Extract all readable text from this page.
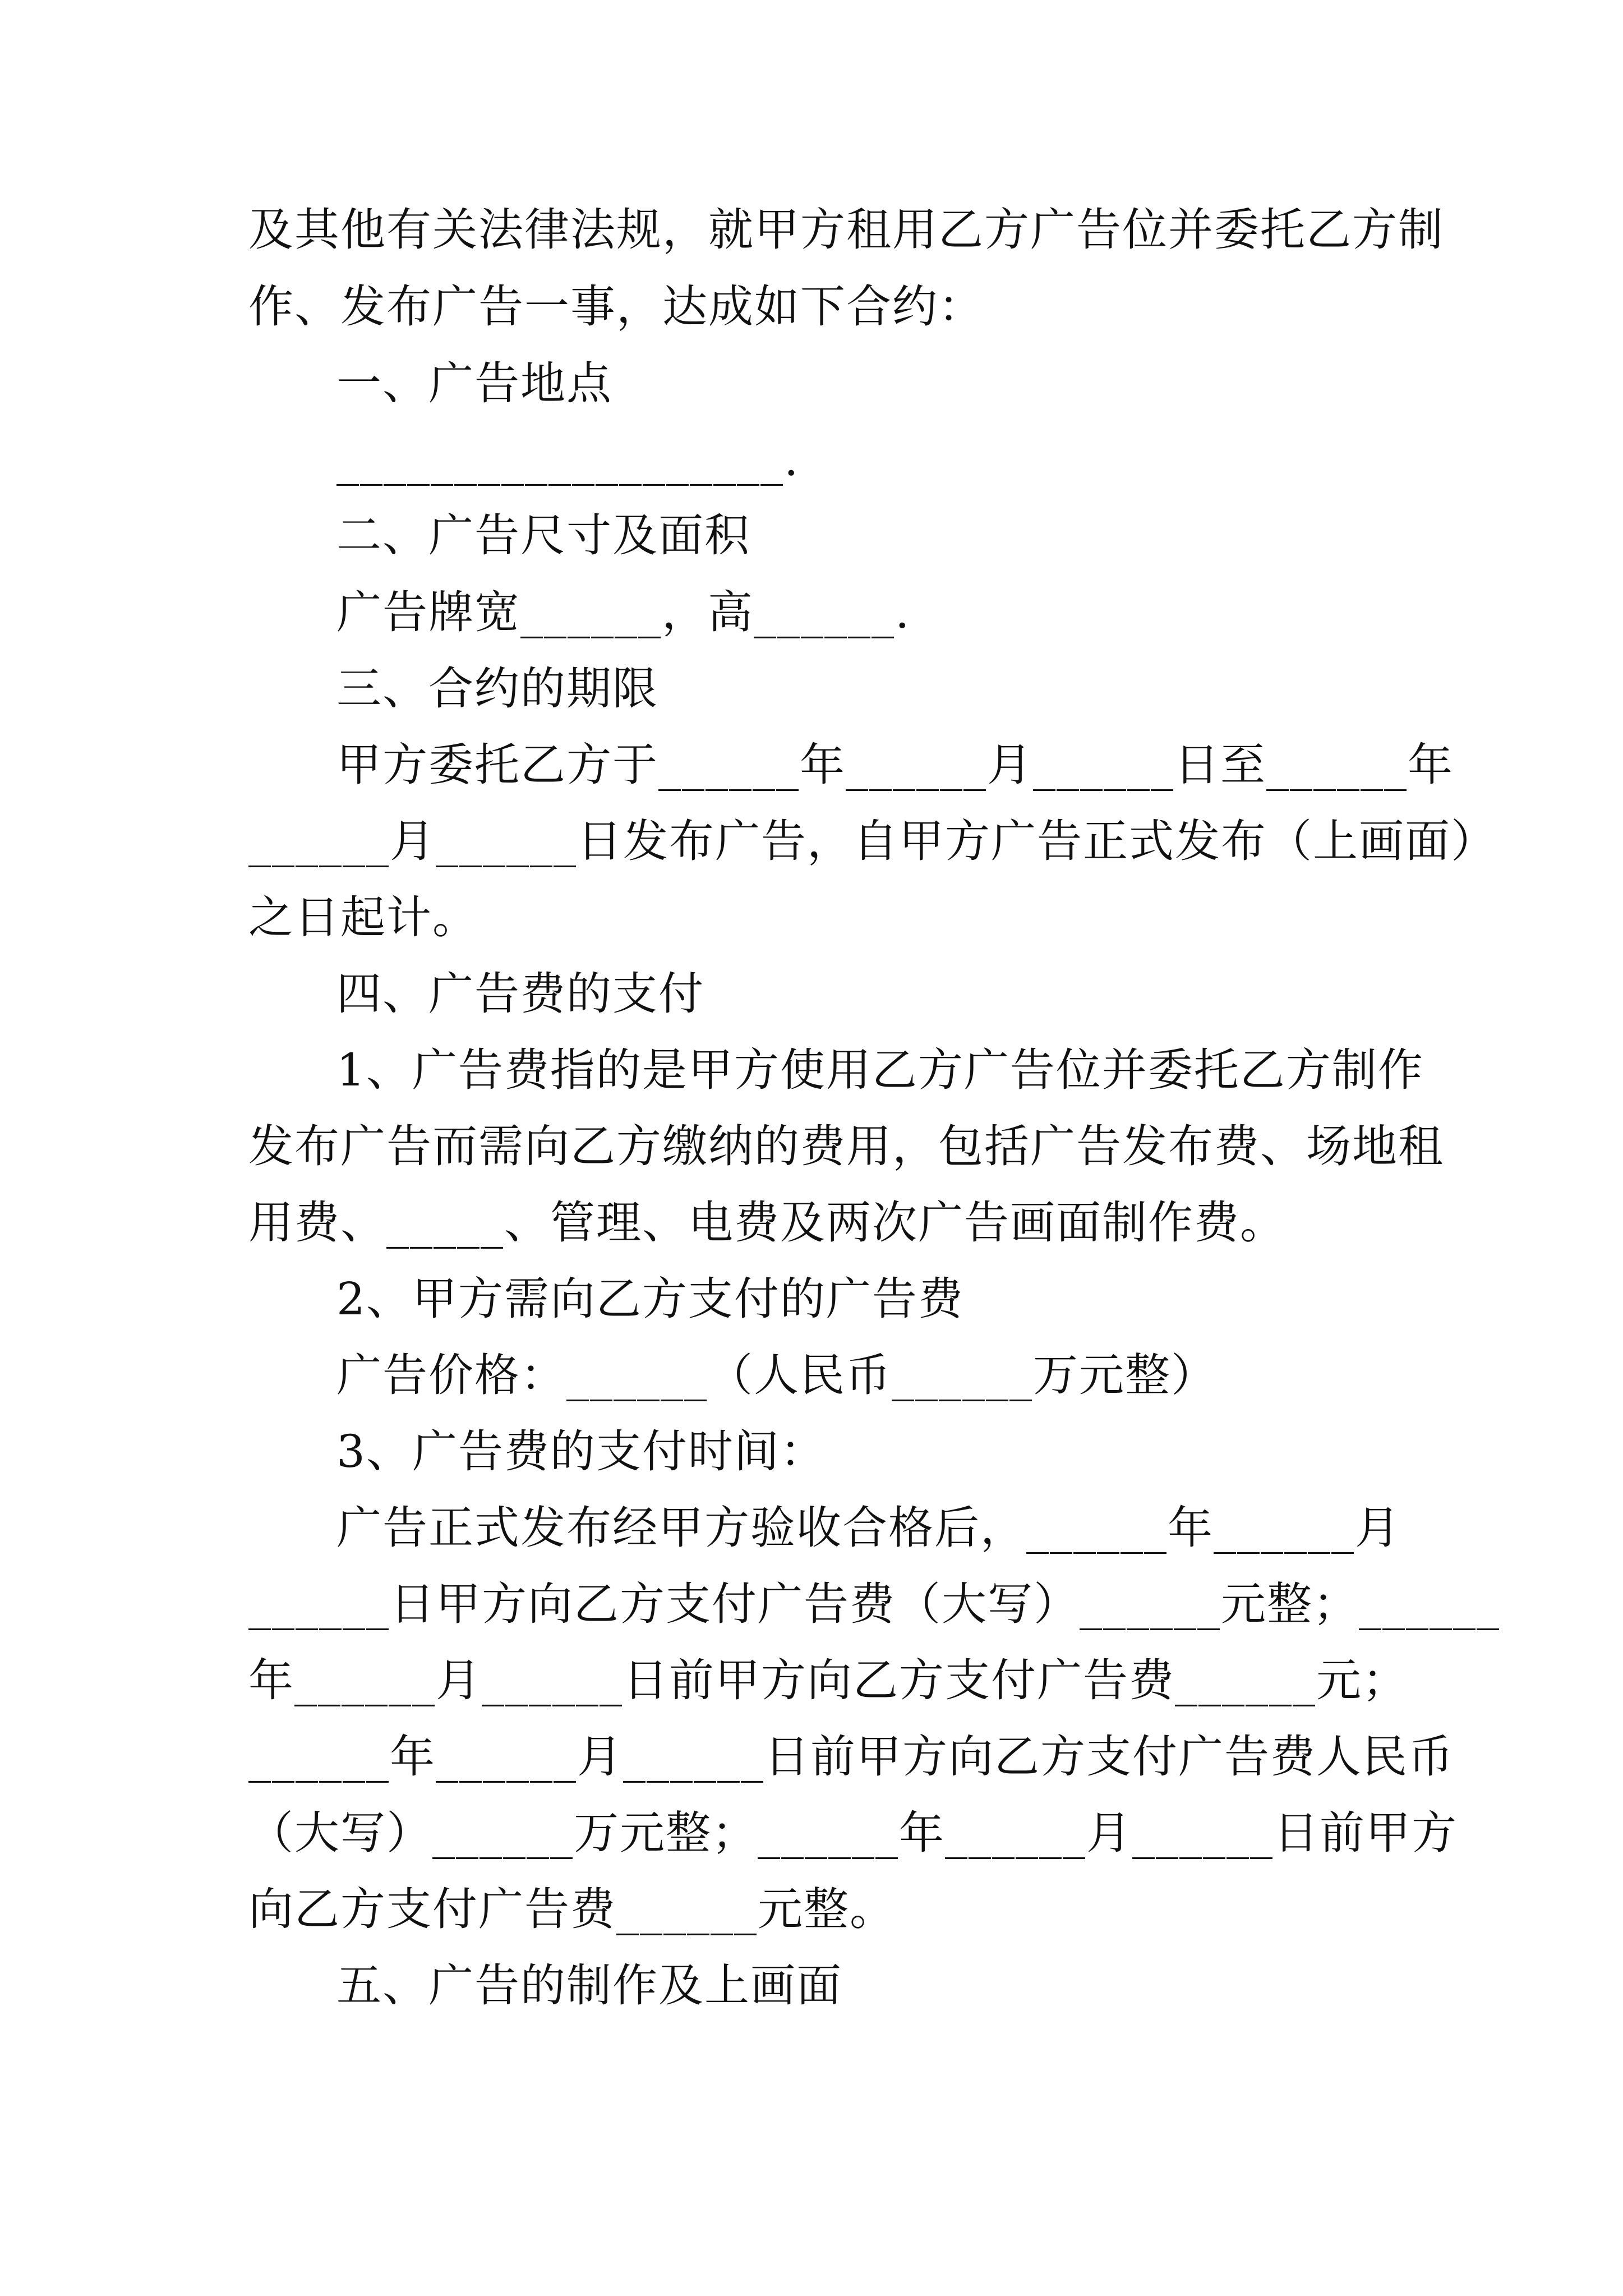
及其他有关法律法规，就甲方租用乙方广告位并委托乙方制
作、发布广告一事，达成如下合约：
一、广告地点
___________________.
二、广告尺寸及面积
广告牌宽______，高______.
三、合约的期限
甲方委托乙方于______年______月______日至______年
______月______日发布广告，自甲方广告正式发布（上画面）
之日起计。
四、广告费的支付
1、广告费指的是甲方使用乙方广告位并委托乙方制作
发布广告而需向乙方缴纳的费用，包括广告发布费、场地租
用费、_____、管理、电费及两次广告画面制作费。
2、甲方需向乙方支付的广告费
广告价格：______（人民币______万元整）
3、广告费的支付时间：
广告正式发布经甲方验收合格后，______年______月
______日甲方向乙方支付广告费（大写）______元整；______
年______月______日前甲方向乙方支付广告费______元；
______年______月______日前甲方向乙方支付广告费人民币
（大写）______万元整；______年______月______日前甲方
向乙方支付广告费______元整。
五、广告的制作及上画面
